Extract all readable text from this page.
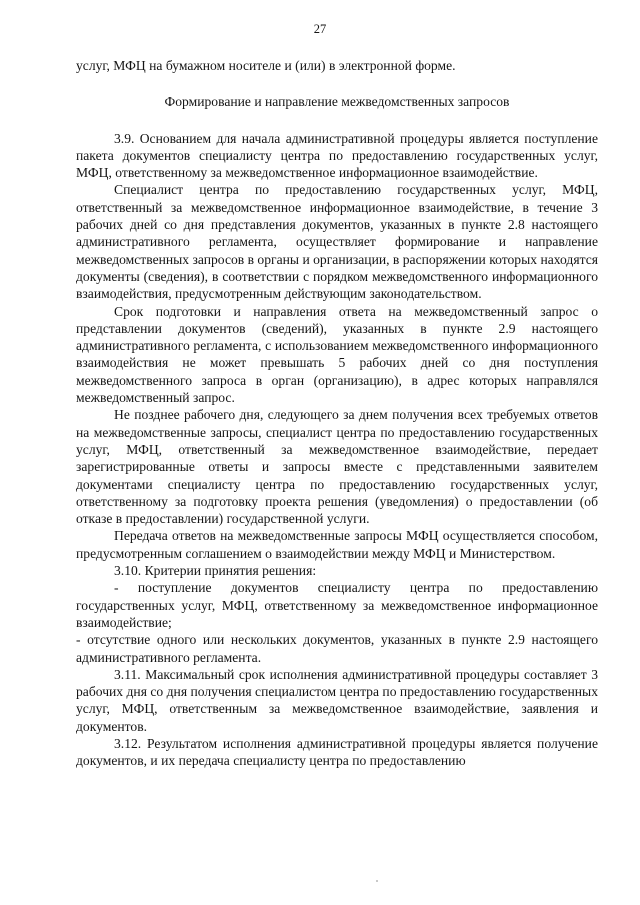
27

услуг, МФЦ на бумажном носителе и (или) в электронной форме.

Формирование и направление межведомственных запросов

3.9. Основанием для начала административной процедуры является поступление пакета документов специалисту центра по предоставлению государственных услуг, МФЦ, ответственному за межведомственное информационное взаимодействие.

Специалист центра по предоставлению государственных услуг, МФЦ, ответственный за межведомственное информационное взаимодействие, в течение 3 рабочих дней со дня представления документов, указанных в пункте 2.8 настоящего административного регламента, осуществляет формирование и направление межведомственных запросов в органы и организации, в распоряжении которых находятся документы (сведения), в соответствии с порядком межведомственного информационного взаимодействия, предусмотренным действующим законодательством.

Срок подготовки и направления ответа на межведомственный запрос о представлении документов (сведений), указанных в пункте 2.9 настоящего административного регламента, с использованием межведомственного информационного взаимодействия не может превышать 5 рабочих дней со дня поступления межведомственного запроса в орган (организацию), в адрес которых направлялся межведомственный запрос.

Не позднее рабочего дня, следующего за днем получения всех требуемых ответов на межведомственные запросы, специалист центра по предоставлению государственных услуг, МФЦ, ответственный за межведомственное взаимодействие, передает зарегистрированные ответы и запросы вместе с представленными заявителем документами специалисту центра по предоставлению государственных услуг, ответственному за подготовку проекта решения (уведомления) о предоставлении (об отказе в предоставлении) государственной услуги.

Передача ответов на межведомственные запросы МФЦ осуществляется способом, предусмотренным соглашением о взаимодействии между МФЦ и Министерством.

3.10. Критерии принятия решения:

- поступление документов специалисту центра по предоставлению государственных услуг, МФЦ, ответственному за межведомственное информационное взаимодействие;

- отсутствие одного или нескольких документов, указанных в пункте 2.9 настоящего административного регламента.

3.11. Максимальный срок исполнения административной процедуры составляет 3 рабочих дня со дня получения специалистом центра по предоставлению государственных услуг, МФЦ, ответственным за межведомственное взаимодействие, заявления и документов.

3.12. Результатом исполнения административной процедуры является получение документов, и их передача специалисту центра по предоставлению
